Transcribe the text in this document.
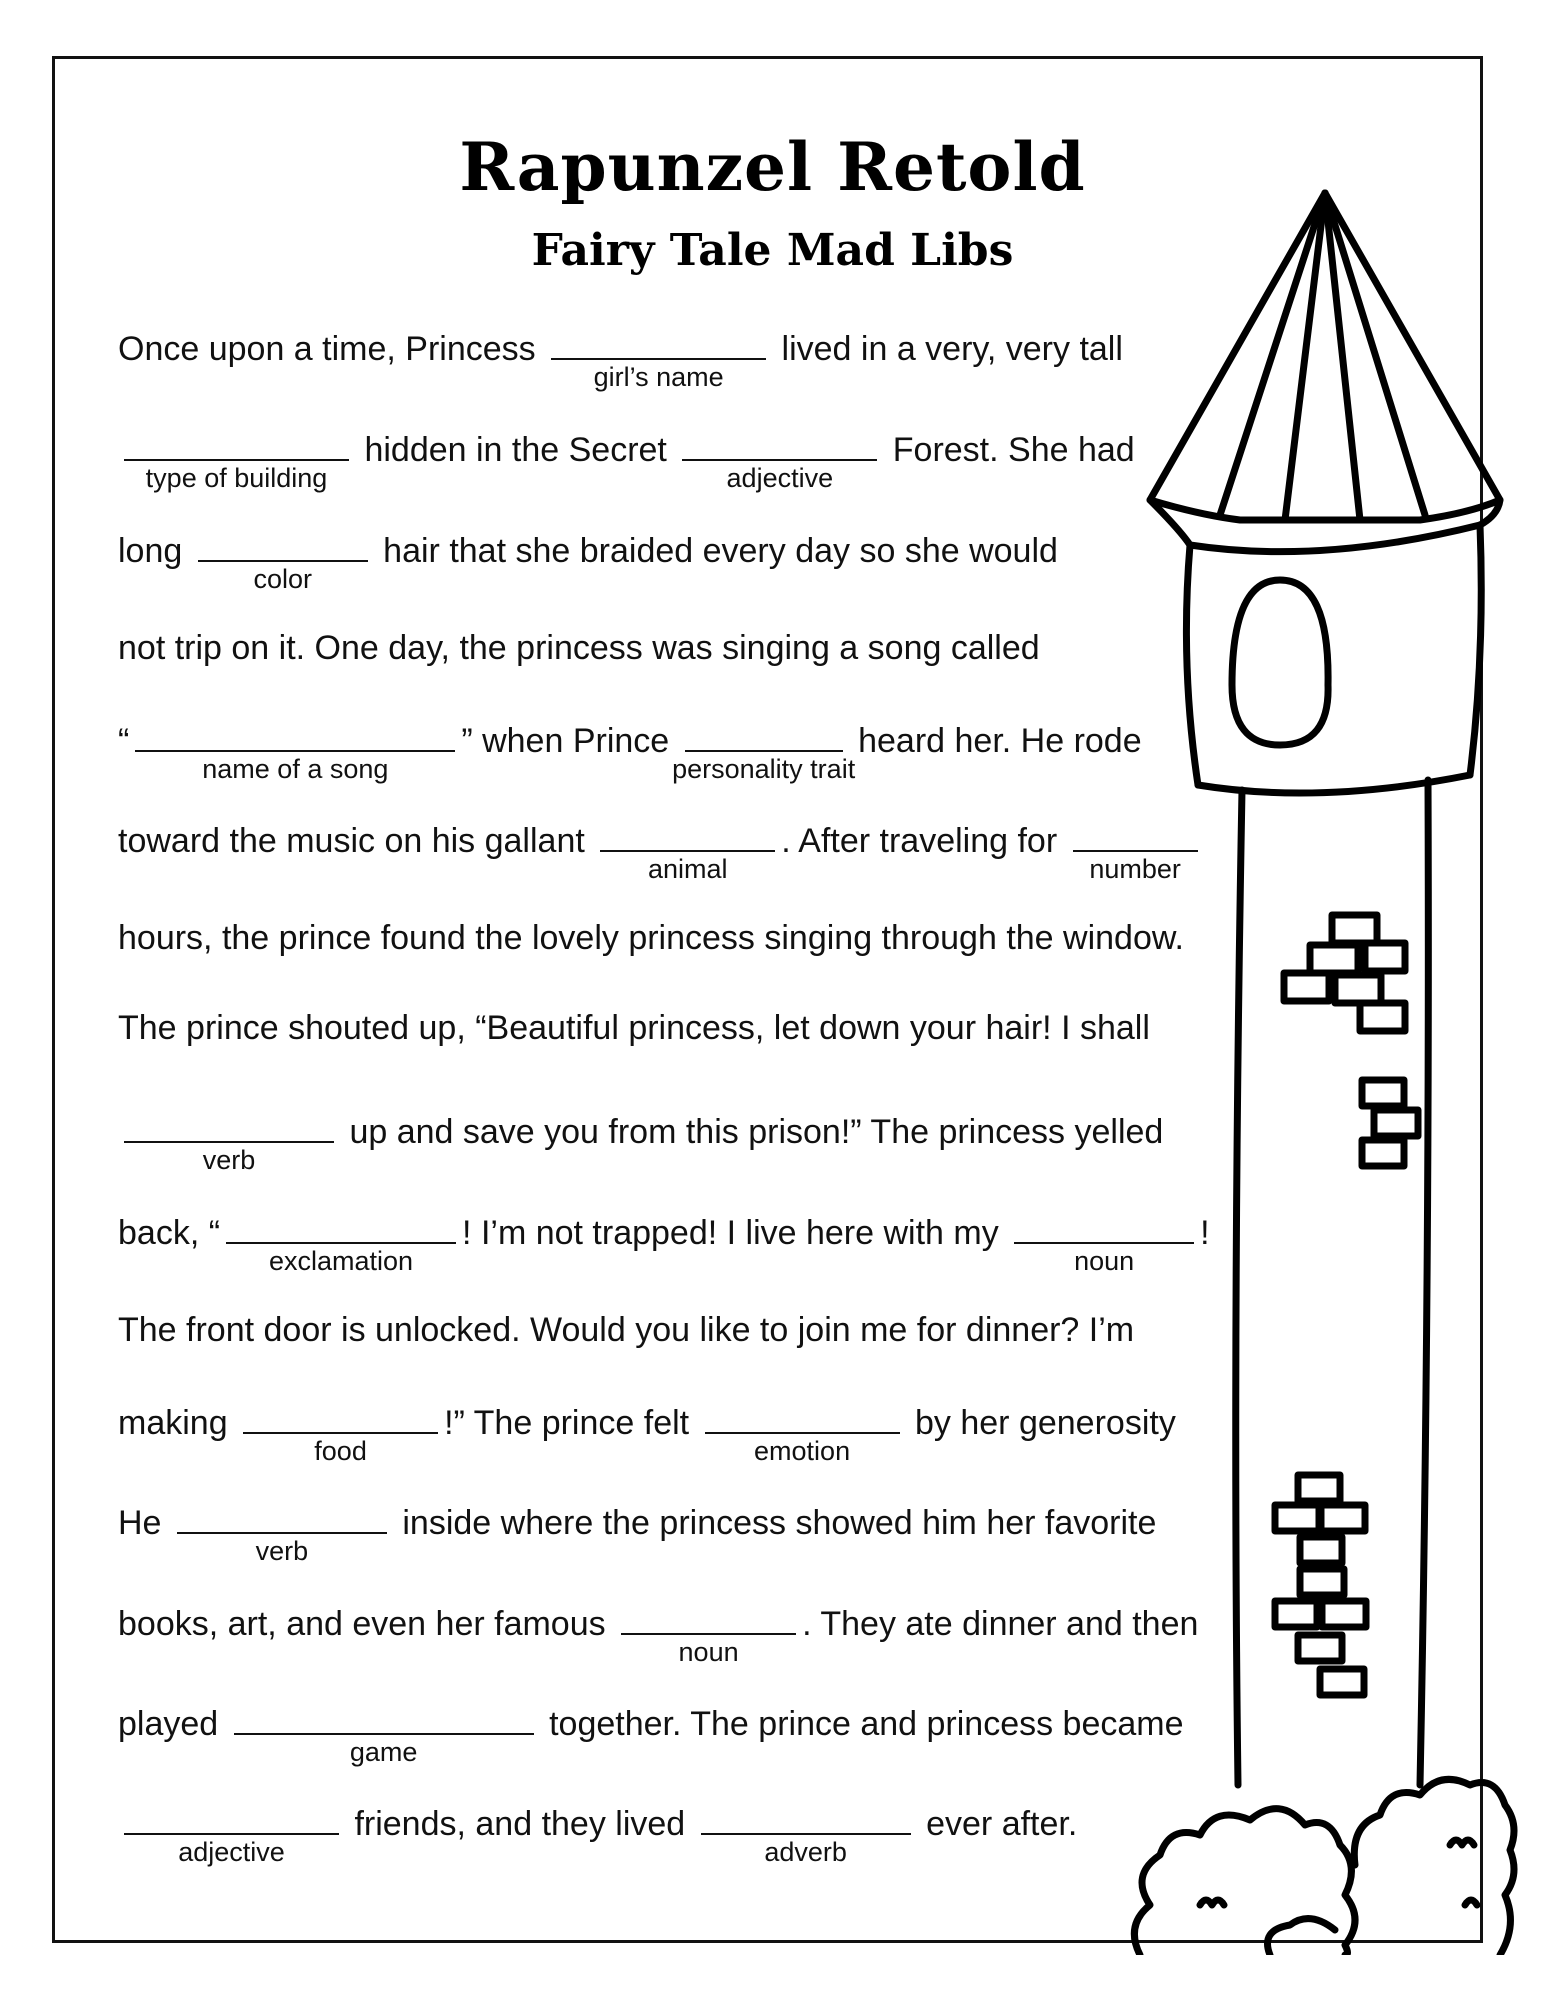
Rapunzel Retold
Fairy Tale Mad Libs
Once upon a time, Princess
girl’s name
lived in a very, very tall
type of building
hidden in the Secret
adjective
Forest. She had
long
color
hair that she braided every day so she would
not trip on it. One day, the princess was singing a song called
“
name of a song
” when Prince
personality trait
heard her. He rode
toward the music on his gallant
animal
. After traveling for
number
hours, the prince found the lovely princess singing through the window.
The prince shouted up, “Beautiful princess, let down your hair! I shall
verb
up and save you from this prison!” The princess yelled
back, “
exclamation
! I’m not trapped! I live here with my
noun
!
The front door is unlocked. Would you like to join me for dinner? I’m
making
food
!” The prince felt
emotion
by her generosity
He
verb
inside where the princess showed him her favorite
books, art, and even her famous
noun
. They ate dinner and then
played
game
together. The prince and princess became
adjective
friends, and they lived
adverb
ever after.
